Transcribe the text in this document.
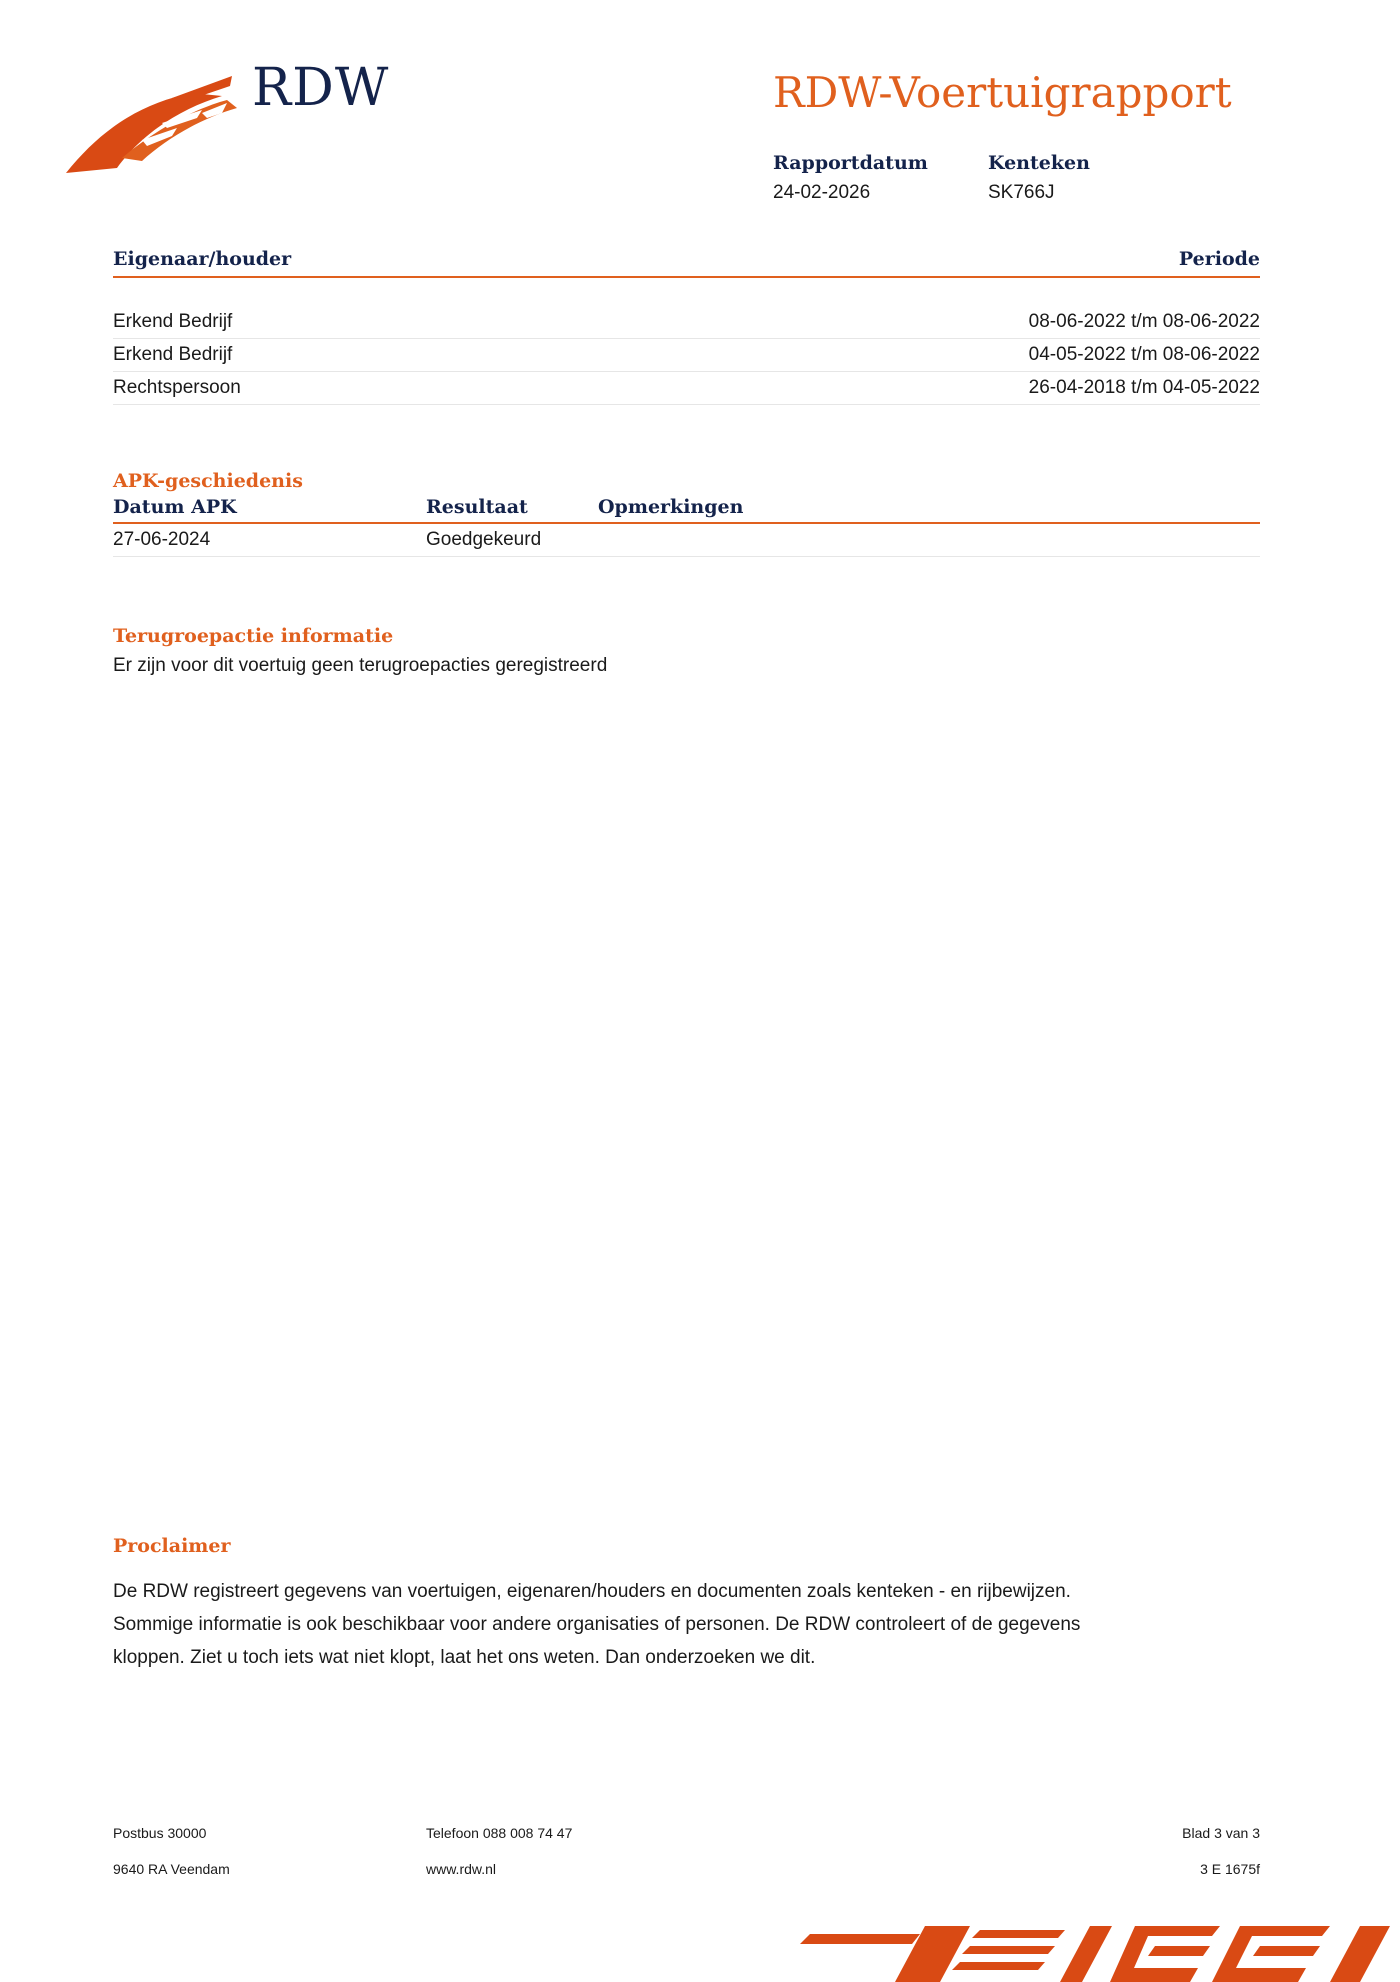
RDW	RDW-Voertuigrapport
Rapportdatum
24-02-2026
Kenteken
SK766J
Eigenaar/houder	Periode
Erkend Bedrijf	08-06-2022 t/m 08-06-2022
Erkend Bedrijf	04-05-2022 t/m 08-06-2022
Rechtspersoon	26-04-2018 t/m 04-05-2022
APK-geschiedenis
Datum APK	Resultaat	Opmerkingen
27-06-2024	Goedgekeurd
Terugroepactie informatie
Er zijn voor dit voertuig geen terugroepacties geregistreerd
Proclaimer
De RDW registreert gegevens van voertuigen, eigenaren/houders en documenten zoals kenteken - en rijbewijzen.
Sommige informatie is ook beschikbaar voor andere organisaties of personen. De RDW controleert of de gegevens
kloppen. Ziet u toch iets wat niet klopt, laat het ons weten. Dan onderzoeken we dit.
Postbus 30000
9640 RA Veendam
Telefoon 088 008 74 47
www.rdw.nl
Blad 3 van 3
3 E 1675f
